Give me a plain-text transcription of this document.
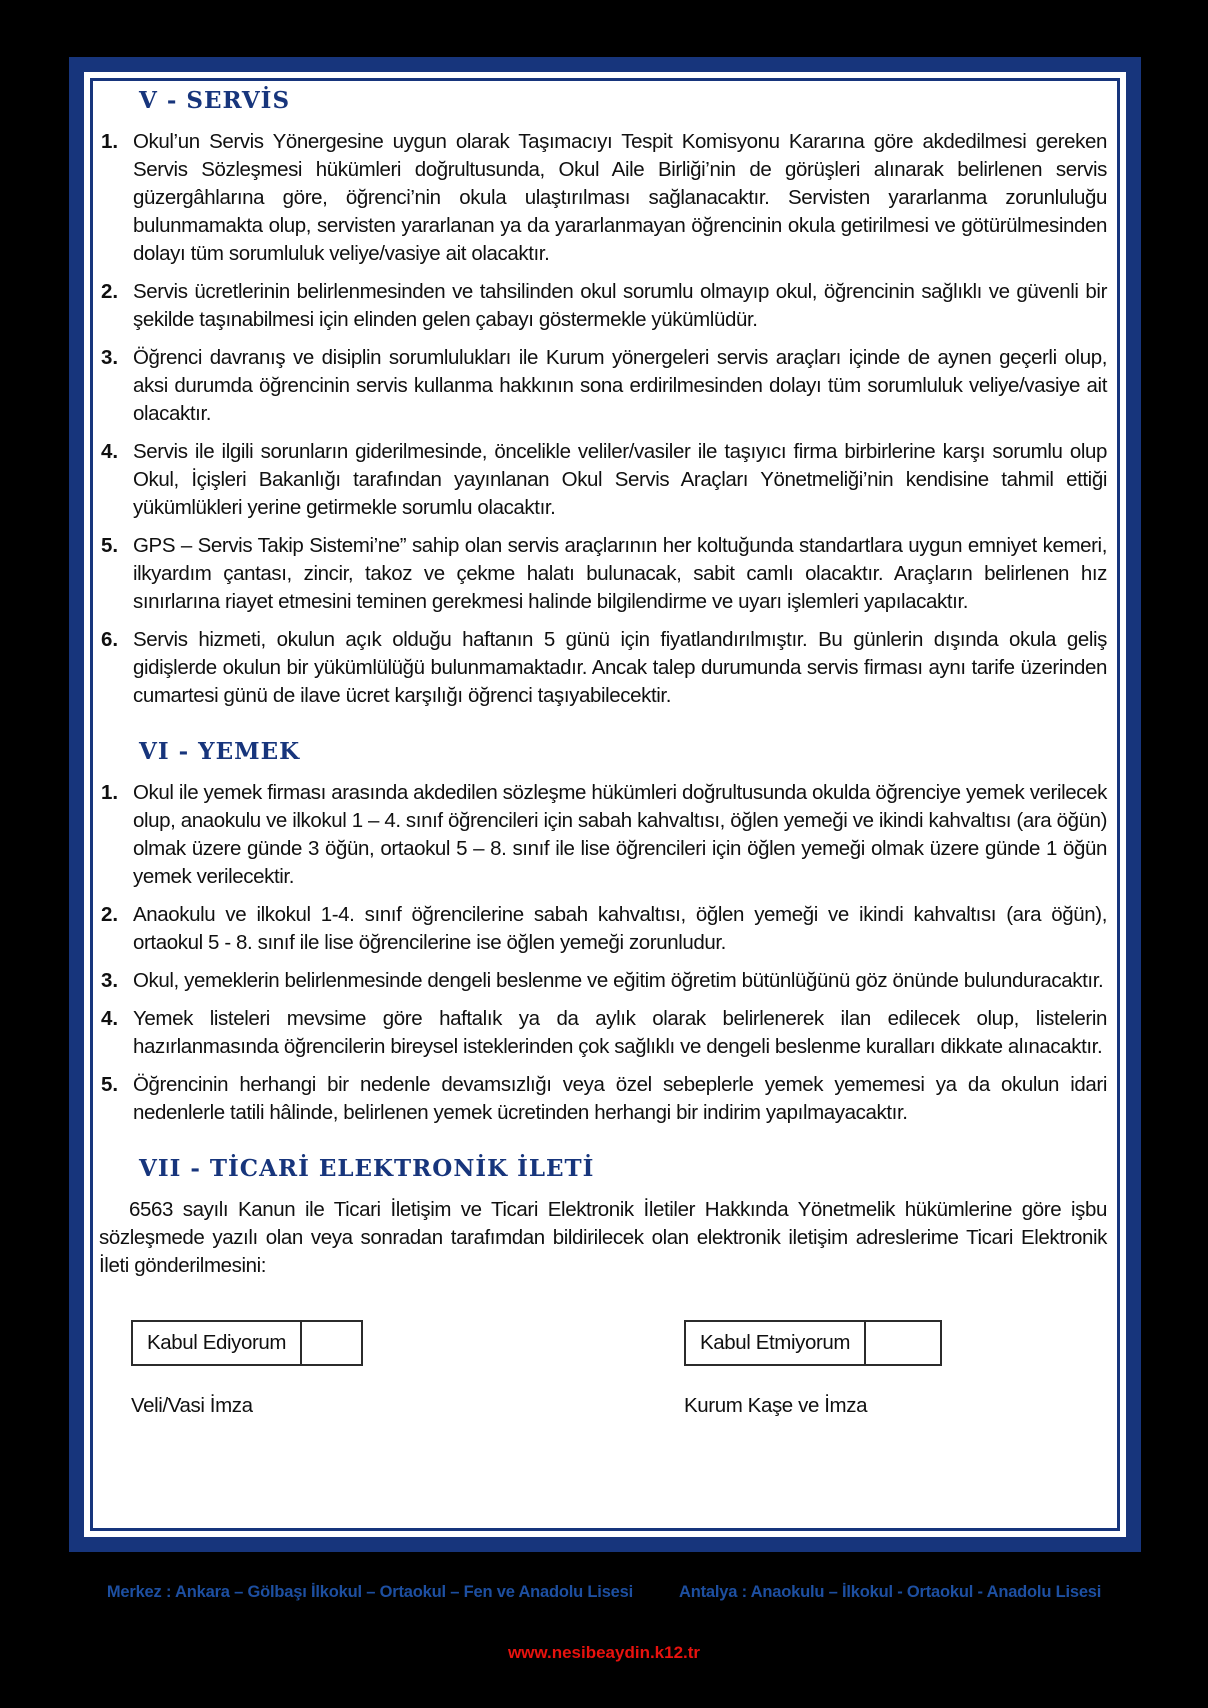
V - SERVİS
1. Okul’un Servis Yönergesine uygun olarak Taşımacıyı Tespit Komisyonu Kararına göre akdedilmesi gereken Servis Sözleşmesi hükümleri doğrultusunda, Okul Aile Birliği’nin de görüşleri alınarak belirlenen servis güzergâhlarına göre, öğrenci’nin okula ulaştırılması sağlanacaktır. Servisten yararlanma zorunluluğu bulunmamakta olup, servisten yararlanan ya da yararlanmayan öğrencinin okula getirilmesi ve götürülmesinden dolayı tüm sorumluluk veliye/vasiye ait olacaktır.
2. Servis ücretlerinin belirlenmesinden ve tahsilinden okul sorumlu olmayıp okul, öğrencinin sağlıklı ve güvenli bir şekilde taşınabilmesi için elinden gelen çabayı göstermekle yükümlüdür.
3. Öğrenci davranış ve disiplin sorumlulukları ile Kurum yönergeleri servis araçları içinde de aynen geçerli olup, aksi durumda öğrencinin servis kullanma hakkının sona erdirilmesinden dolayı tüm sorumluluk veliye/vasiye ait olacaktır.
4. Servis ile ilgili sorunların giderilmesinde, öncelikle veliler/vasiler ile taşıyıcı firma birbirlerine karşı sorumlu olup Okul, İçişleri Bakanlığı tarafından yayınlanan Okul Servis Araçları Yönetmeliği’nin kendisine tahmil ettiği yükümlükleri yerine getirmekle sorumlu olacaktır.
5. GPS – Servis Takip Sistemi’ne” sahip olan servis araçlarının her koltuğunda standartlara uygun emniyet kemeri, ilkyardım çantası, zincir, takoz ve çekme halatı bulunacak, sabit camlı olacaktır. Araçların belirlenen hız sınırlarına riayet etmesini teminen gerekmesi halinde bilgilendirme ve uyarı işlemleri yapılacaktır.
6. Servis hizmeti, okulun açık olduğu haftanın 5 günü için fiyatlandırılmıştır. Bu günlerin dışında okula geliş gidişlerde okulun bir yükümlülüğü bulunmamaktadır. Ancak talep durumunda servis firması aynı tarife üzerinden cumartesi günü de ilave ücret karşılığı öğrenci taşıyabilecektir.
VI - YEMEK
1. Okul ile yemek firması arasında akdedilen sözleşme hükümleri doğrultusunda okulda öğrenciye yemek verilecek olup, anaokulu ve ilkokul 1 – 4. sınıf öğrencileri için sabah kahvaltısı, öğlen yemeği ve ikindi kahvaltısı (ara öğün) olmak üzere günde 3 öğün, ortaokul 5 – 8. sınıf ile lise öğrencileri için öğlen yemeği olmak üzere günde 1 öğün yemek verilecektir.
2. Anaokulu ve ilkokul 1-4. sınıf öğrencilerine sabah kahvaltısı, öğlen yemeği ve ikindi kahvaltısı (ara öğün), ortaokul 5 - 8. sınıf ile lise öğrencilerine ise öğlen yemeği zorunludur.
3. Okul, yemeklerin belirlenmesinde dengeli beslenme ve eğitim öğretim bütünlüğünü göz önünde bulunduracaktır.
4. Yemek listeleri mevsime göre haftalık ya da aylık olarak belirlenerek ilan edilecek olup, listelerin hazırlanmasında öğrencilerin bireysel isteklerinden çok sağlıklı ve dengeli beslenme kuralları dikkate alınacaktır.
5. Öğrencinin herhangi bir nedenle devamsızlığı veya özel sebeplerle yemek yememesi ya da okulun idari nedenlerle tatili hâlinde, belirlenen yemek ücretinden herhangi bir indirim yapılmayacaktır.
VII - TİCARİ ELEKTRONİK İLETİ

6563 sayılı Kanun ile Ticari İletişim ve Ticari Elektronik İletiler Hakkında Yönetmelik hükümlerine göre işbu sözleşmede yazılı olan veya sonradan tarafımdan bildirilecek olan elektronik iletişim adreslerime Ticari Elektronik İleti gönderilmesini:

Kabul Ediyorum	Kabul Etmiyorum
Veli/Vasi İmza	Kurum Kaşe ve İmza
Merkez : Ankara – Gölbaşı İlkokul – Ortaokul – Fen ve Anadolu Lisesi	Antalya : Anaokulu – İlkokul - Ortaokul - Anadolu Lisesi
www.nesibeaydin.k12.tr
